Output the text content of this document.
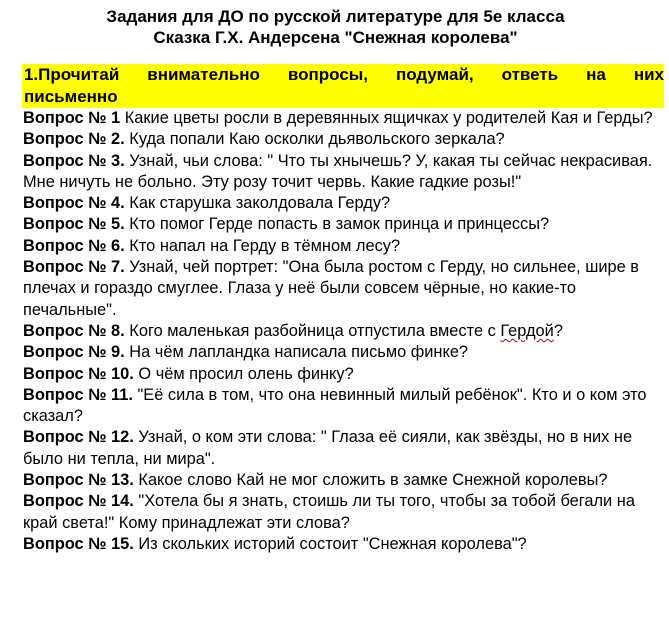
Задания для ДО по русской литературе для 5е класса

Сказка Г.Х. Андерсена "Снежная королева"

1.Прочитай внимательно вопросы, подумай, ответь на них
письменно
Вопрос № 1 Какие цветы росли в деревянных ящичках у родителей Кая и Герды?
Вопрос № 2. Куда попали Каю осколки дьявольского зеркала?
Вопрос № 3. Узнай, чьи слова: " Что ты хнычешь? У, какая ты сейчас некрасивая. Мне ничуть не больно. Эту розу точит червь. Какие гадкие розы!"
Вопрос № 4. Как старушка заколдовала Герду?
Вопрос № 5. Кто помог Герде попасть в замок принца и принцессы?
Вопрос № 6. Кто напал на Герду в тёмном лесу?
Вопрос № 7. Узнай, чей портрет: "Она была ростом с Герду, но сильнее, шире в плечах и гораздо смуглее. Глаза у неё были совсем чёрные, но какие-то печальные".
Вопрос № 8. Кого маленькая разбойница отпустила вместе с Гердой?
Вопрос № 9. На чём лапландка написала письмо финке?
Вопрос № 10. О чём просил олень финку?
Вопрос № 11. "Её сила в том, что она невинный милый ребёнок". Кто и о ком это сказал?
Вопрос № 12. Узнай, о ком эти слова: " Глаза её сияли, как звёзды, но в них не было ни тепла, ни мира".
Вопрос № 13. Какое слово Кай не мог сложить в замке Снежной королевы?
Вопрос № 14. "Хотела бы я знать, стоишь ли ты того, чтобы за тобой бегали на край света!" Кому принадлежат эти слова?
Вопрос № 15. Из скольких историй состоит "Снежная королева"?
